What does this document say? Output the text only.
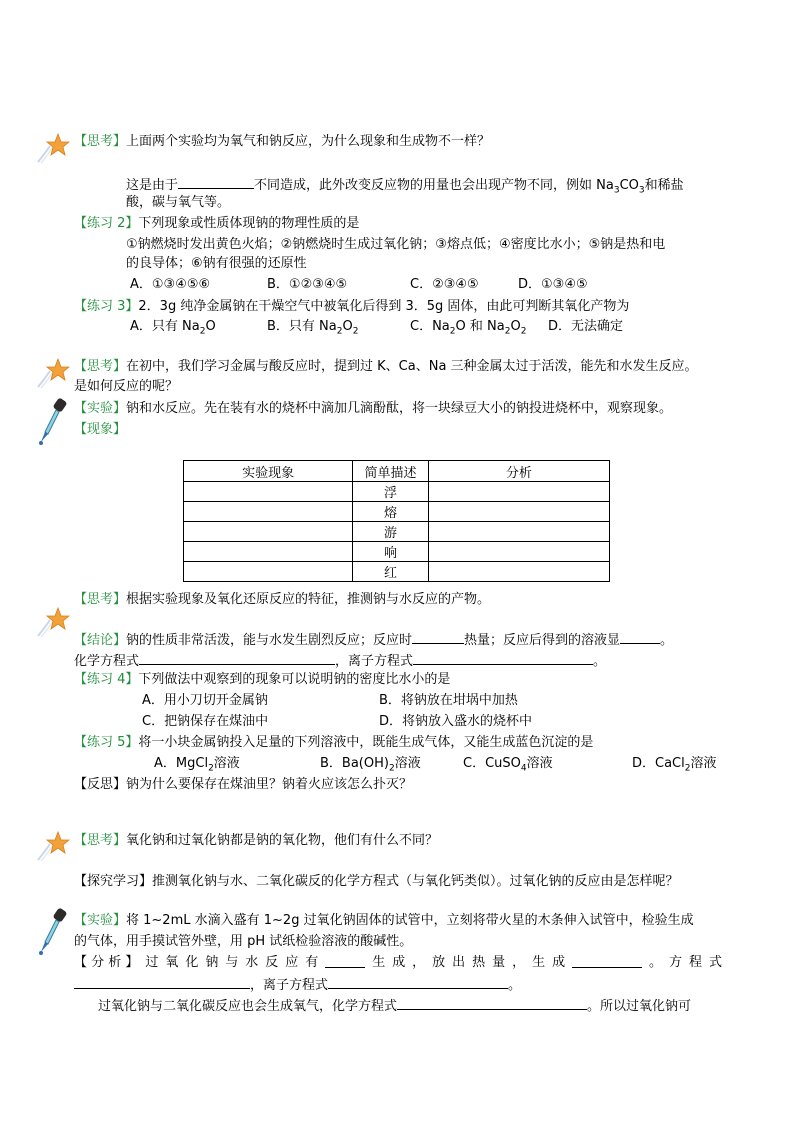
【思考】上面两个实验均为氧气和钠反应，为什么现象和生成物不一样？
这是由于	不同造成，此外改变反应物的用量也会出现产物不同，例如 $Na_3CO_3$和稀盐
酸，碳与氧气等。
【练习 2】下列现象或性质体现钠的物理性质的是
①钠燃烧时发出黄色火焰；②钠燃烧时生成过氧化钠；③熔点低；④密度比水小；⑤钠是热和电
的良导体；⑥钠有很强的还原性
A．①③④⑤⑥	B．①②③④⑤	C．②③④⑤	D．①③④⑤
【练习 3】2．3g 纯净金属钠在干燥空气中被氧化后得到 3．5g 固体，由此可判断其氧化产物为
A．只有 $Na_2O$	B．只有 $Na_2O_2$	C．$Na_2O$ 和 $Na_2O_2$ D．无法确定
【思考】在初中，我们学习金属与酸反应时，提到过 K、Ca、Na 三种金属太过于活泼，能先和水发生反应。
是如何反应的呢？
【实验】钠和水反应。先在装有水的烧杯中滴加几滴酚酞，将一块绿豆大小的钠投进烧杯中，观察现象。
【现象】
实验现象	简单描述	分析
	浮	
	熔	
	游	
	响	
	红	
【思考】根据实验现象及氧化还原反应的特征，推测钠与水反应的产物。
【结论】钠的性质非常活泼，能与水发生剧烈反应；反应时	热量；反应后得到的溶液显	。
化学方程式	，离子方程式	。
【练习 4】下列做法中观察到的现象可以说明钠的密度比水小的是
A．用小刀切开金属钠	B．将钠放在坩埚中加热
C．把钠保存在煤油中	D．将钠放入盛水的烧杯中
【练习 5】将一小块金属钠投入足量的下列溶液中，既能生成气体，又能生成蓝色沉淀的是
A．MgCl$_2$溶液	B．$Ba(OH)_2$溶液	C．CuSO$_4$溶液	D．CaCl$_2$溶液
【反思】钠为什么要保存在煤油里？钠着火应该怎么扑灭？
【思考】氧化钠和过氧化钠都是钠的氧化物，他们有什么不同？
【探究学习】推测氧化钠与水、二氧化碳反的化学方程式（与氧化钙类似）。过氧化钠的反应由是怎样呢？
【实验】将 1~2mL 水滴入盛有 1~2g 过氧化钠固体的试管中，立刻将带火星的木条伸入试管中，检验生成
的气体，用手摸试管外壁，用 pH 试纸检验溶液的酸碱性。
【 分 析 】 过 氧 化 钠 与 水 反 应 有	生 成 ， 放 出 热 量 ， 生 成	。 方 程 式
，离子方程式	。
过氧化钠与二氧化碳反应也会生成氧气，化学方程式	。所以过氧化钠可
